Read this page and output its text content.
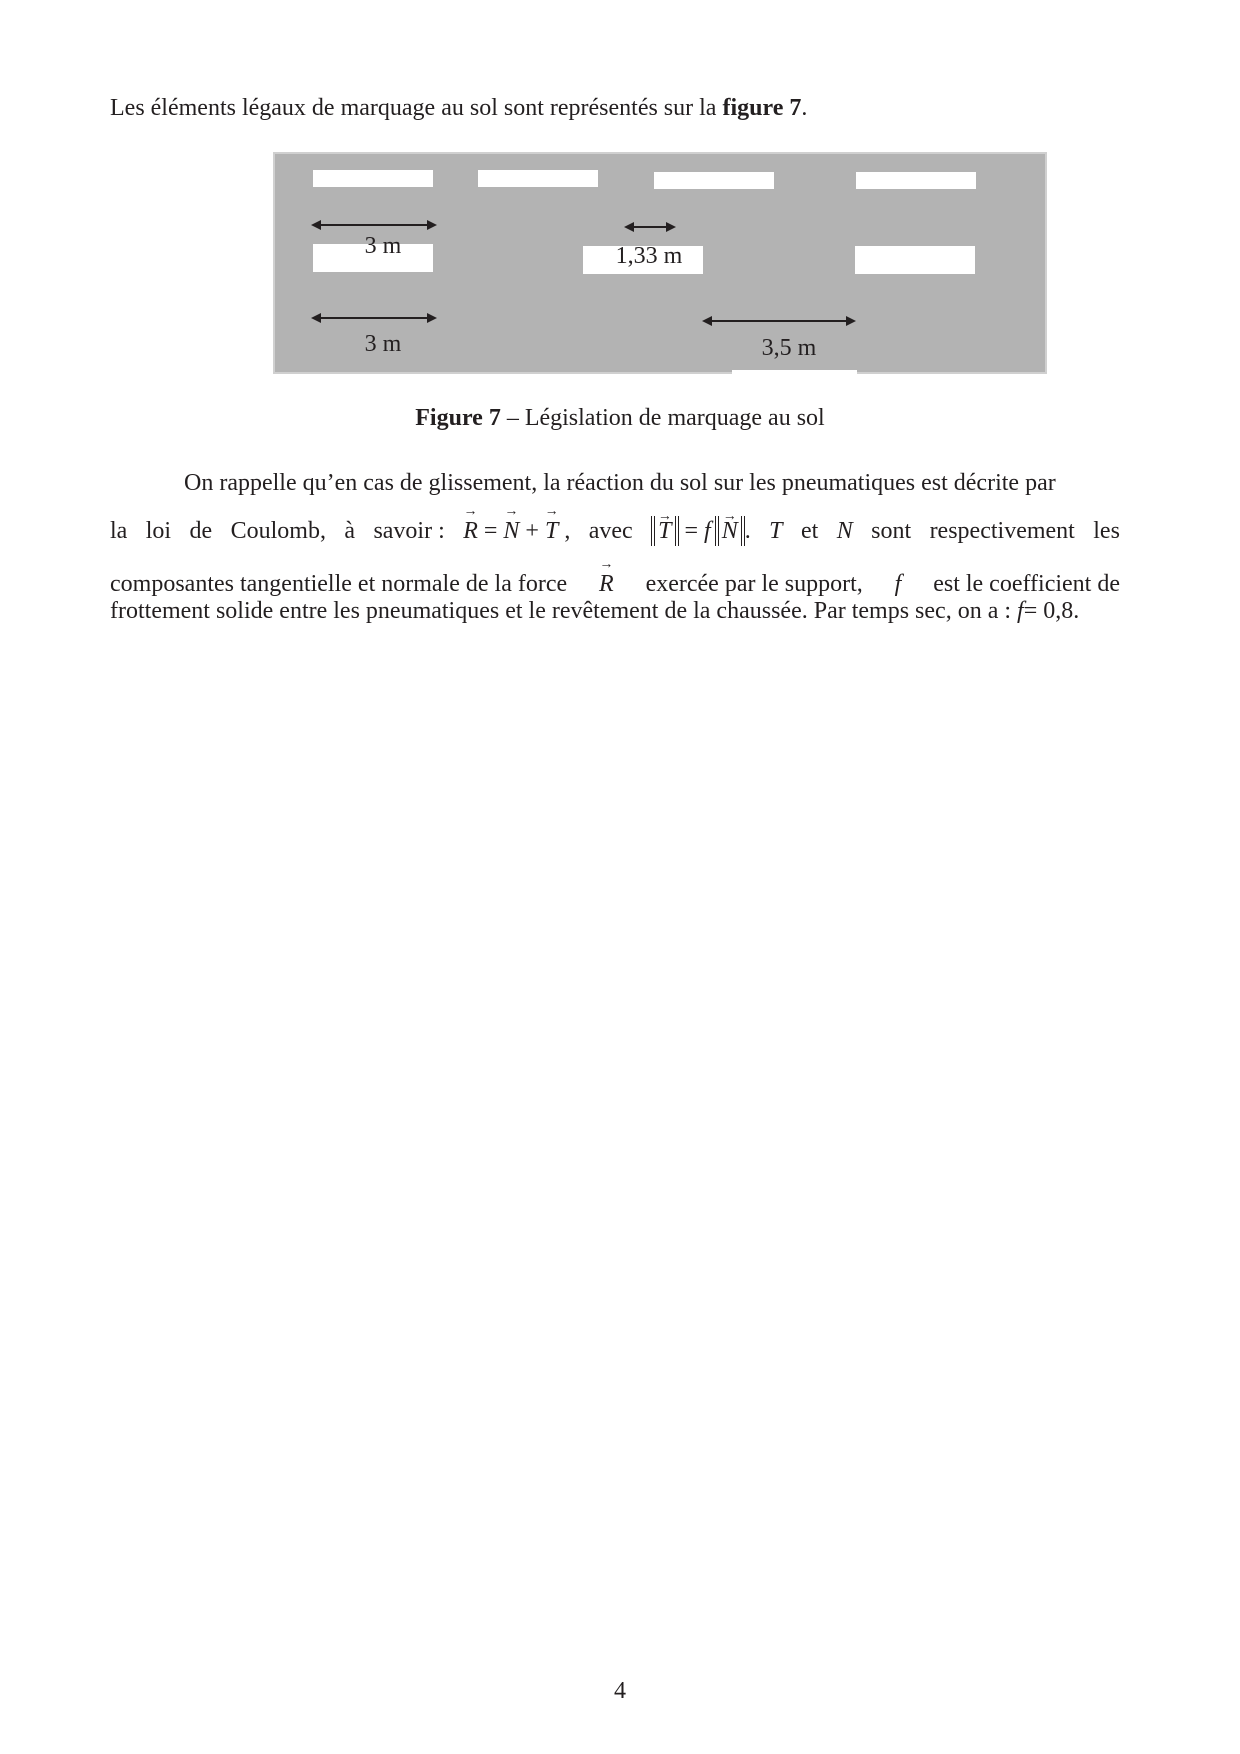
Les éléments légaux de marquage au sol sont représentés sur la figure 7.

3 m	1,33 m
3 m	3,5 m

Figure 7 – Législation de marquage au sol

On rappelle qu’en cas de glissement, la réaction du sol sur les pneumatiques est décrite par
la loi de Coulomb, à savoir : → R = → N + → T , avec → T = f → N . T et N sont respectivement les
composantes tangentielle et normale de la force → R exercée par le support, f est le coefficient de
frottement solide entre les pneumatiques et le revêtement de la chaussée. Par temps sec, on a :
f = 0,8.

4
